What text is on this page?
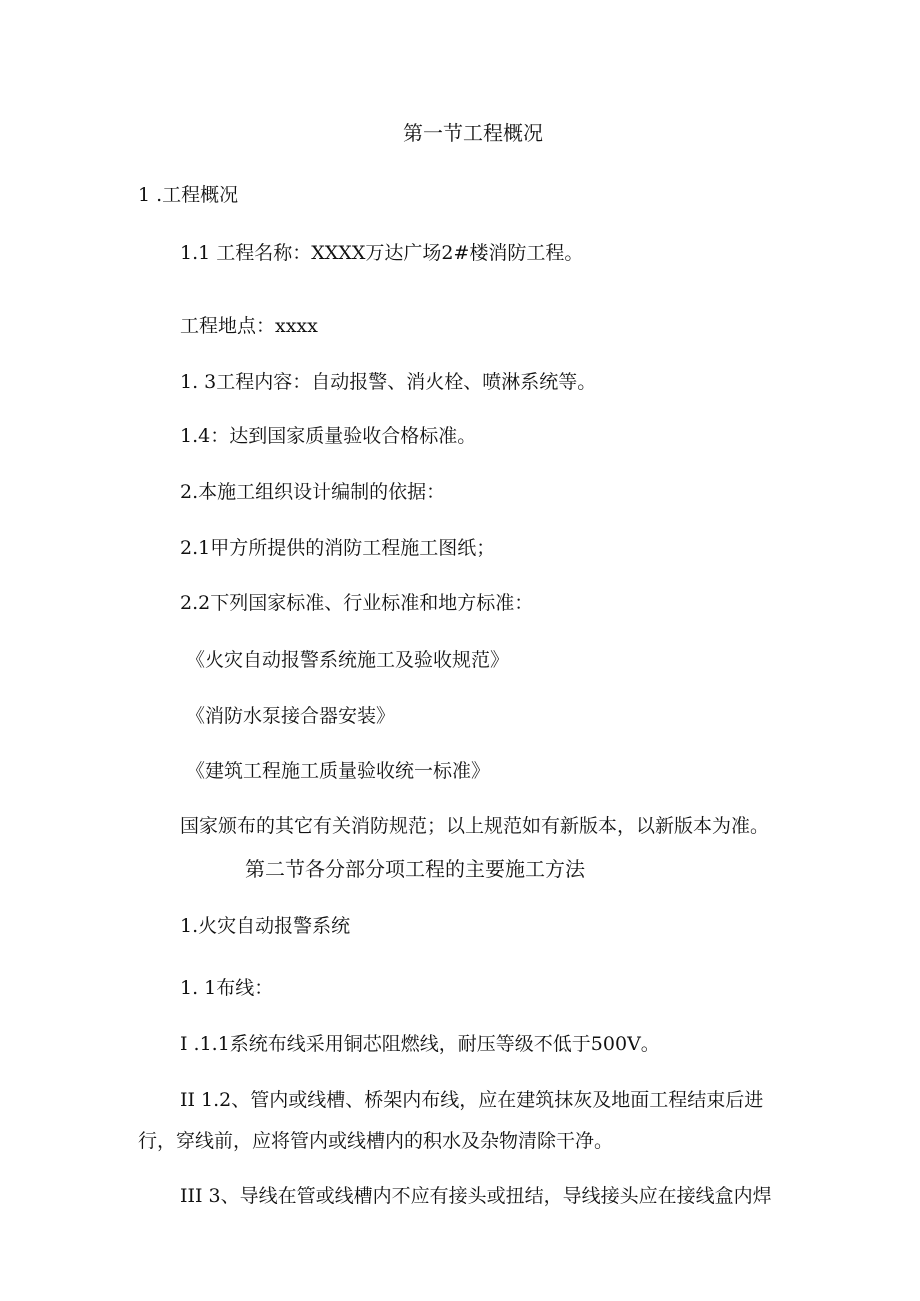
第一节工程概况
1 .工程概况
1.1 工程名称：XXXX万达广场2#楼消防工程。
工程地点：xxxx
1. 3工程内容：自动报警、消火栓、喷淋系统等。
1.4：达到国家质量验收合格标准。
2.本施工组织设计编制的依据：
2.1甲方所提供的消防工程施工图纸；
2.2下列国家标准、行业标准和地方标准：
《火灾自动报警系统施工及验收规范》
《消防水泵接合器安装》
《建筑工程施工质量验收统一标准》
国家颁布的其它有关消防规范；以上规范如有新版本，以新版本为准。
第二节各分部分项工程的主要施工方法
1.火灾自动报警系统
1. 1布线：
I .1.1系统布线采用铜芯阻燃线，耐压等级不低于500V。
II 1.2、管内或线槽、桥架内布线，应在建筑抹灰及地面工程结束后进
行，穿线前，应将管内或线槽内的积水及杂物清除干净。
III 3、导线在管或线槽内不应有接头或扭结，导线接头应在接线盒内焊
